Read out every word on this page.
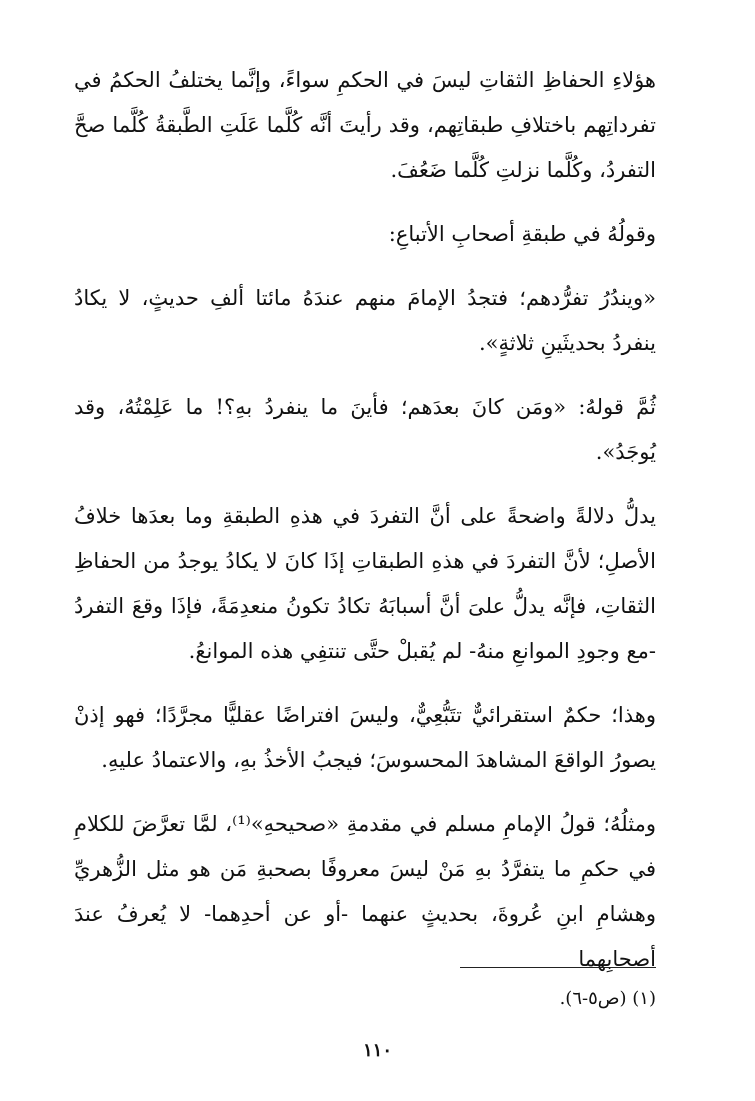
هؤلاءِ الحفاظِ الثقاتِ ليسَ في الحكمِ سواءً، وإنَّما يختلفُ الحكمُ في تفرداتِهم باختلافِ طبقاتِهم، وقد رأيتَ أنَّه كُلَّما عَلَتِ الطَّبقةُ كُلَّما صحَّ التفردُ، وكُلَّما نزلتِ كُلَّما ضَعُفَ.

وقولُهُ في طبقةِ أصحابِ الأتباعِ:

«ويندُرُ تفرُّدهم؛ فتجدُ الإمامَ منهم عندَهُ مائتا ألفِ حديثٍ، لا يكادُ ينفردُ بحديثَينِ ثلاثةٍ».

ثُمَّ قولهُ: «ومَن كانَ بعدَهم؛ فأينَ ما ينفردُ بهِ؟! ما عَلِمْتُهُ، وقد يُوجَدُ».

يدلُّ دلالةً واضحةً على أنَّ التفردَ في هذهِ الطبقةِ وما بعدَها خلافُ الأصلِ؛ لأنَّ التفردَ في هذهِ الطبقاتِ إذَا كانَ لا يكادُ يوجدُ من الحفاظِ الثقاتِ، فإنَّه يدلُّ علىَ أنَّ أسبابَهُ تكادُ تكونُ منعدِمَةً، فإذَا وقعَ التفردُ -مع وجودِ الموانعِ منهُ- لم يُقبلْ حتَّى تنتفِي هذه الموانعُ.

وهذا؛ حكمٌ استقرائيٌّ تتَبُّعِيٌّ، وليسَ افتراضًا عقليًّا مجرَّدًا؛ فهو إذنْ يصورُ الواقعَ المشاهدَ المحسوسَ؛ فيجبُ الأخذُ بهِ، والاعتمادُ عليهِ.

ومثلُهُ؛ قولُ الإمامِ مسلم في مقدمةِ «صحيحهِ»⁽¹⁾، لمَّا تعرَّضَ للكلامِ في حكمِ ما يتفرَّدُ بهِ مَنْ ليسَ معروفًا بصحبةِ مَن هو مثل الزُّهريِّ وهشامِ ابنِ عُروةَ، بحديثٍ عنهما -أو عن أحدِهما- لا يُعرفُ عندَ أصحابِهما

(١) (ص٥-٦).
١١٠
